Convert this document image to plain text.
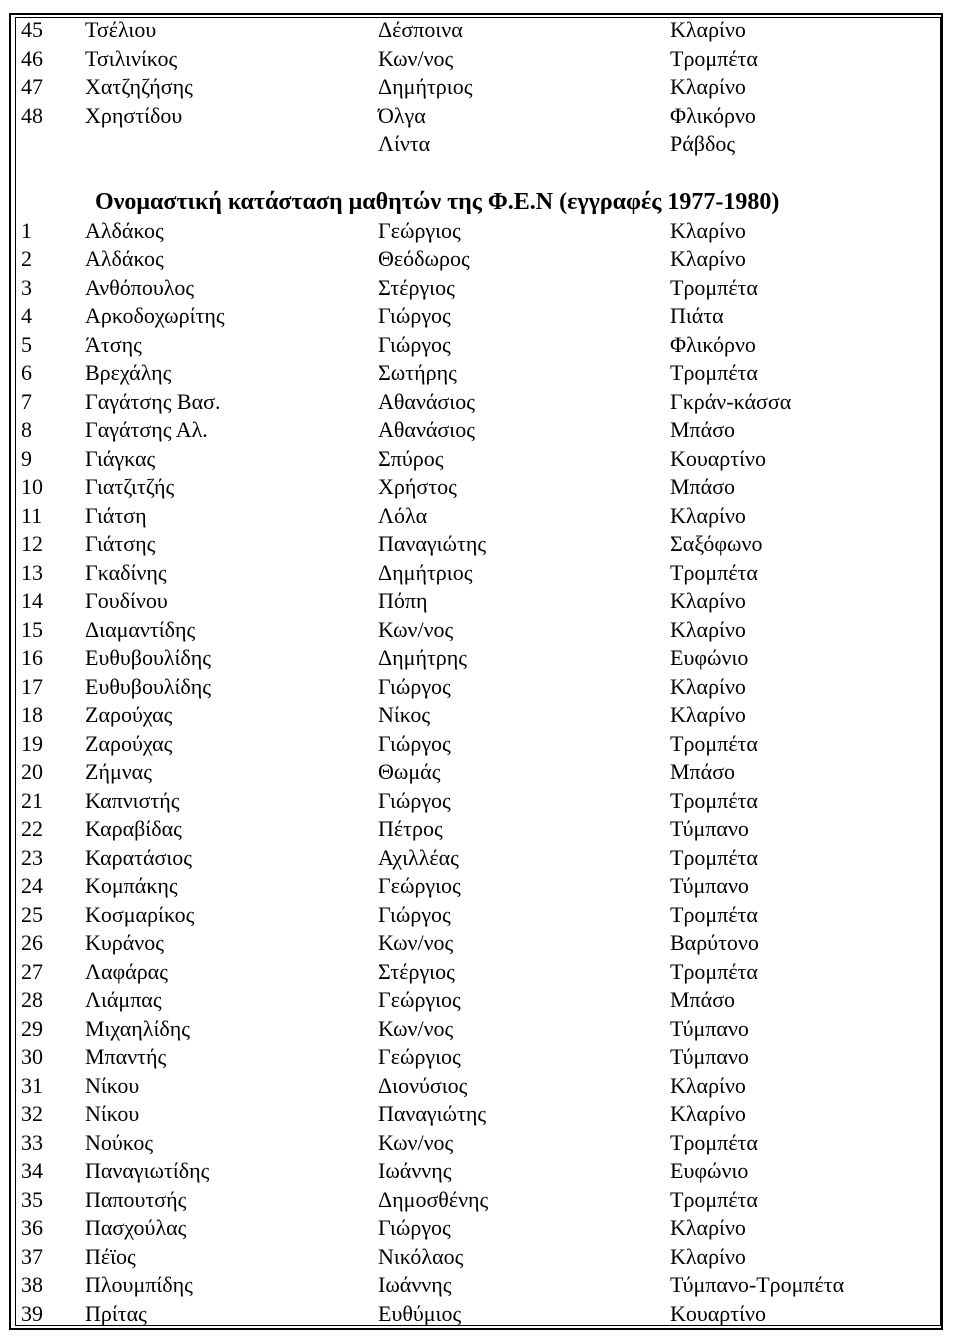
45 Τσέλιου	Δέσποινα	Κλαρίνο
46 Τσιλινίκος	Κων/νος	Τρομπέτα
47 Χατζηζήσης	Δημήτριος	Κλαρίνο
48 Χρηστίδου	Όλγα	Φλικόρνο
Λίντα	Ράβδος
Ονομαστική κατάσταση μαθητών της Φ.Ε.Ν (εγγραφές 1977-1980)
1 Αλδάκος	Γεώργιος	Κλαρίνο
2 Αλδάκος	Θεόδωρος	Κλαρίνο
3 Ανθόπουλος	Στέργιος	Τρομπέτα
4 Αρκοδοχωρίτης	Γιώργος	Πιάτα
5 Άτσης	Γιώργος	Φλικόρνο
6 Βρεχάλης	Σωτήρης	Τρομπέτα
7 Γαγάτσης Βασ.	Αθανάσιος	Γκράν-κάσσα
8 Γαγάτσης Αλ.	Αθανάσιος	Μπάσο
9 Γιάγκας	Σπύρος	Κουαρτίνο
10 Γιατζιτζής	Χρήστος	Μπάσο
11 Γιάτση	Λόλα	Κλαρίνο
12 Γιάτσης	Παναγιώτης	Σαξόφωνο
13 Γκαδίνης	Δημήτριος	Τρομπέτα
14 Γουδίνου	Πόπη	Κλαρίνο
15 Διαμαντίδης	Κων/νος	Κλαρίνο
16 Ευθυβουλίδης	Δημήτρης	Ευφώνιο
17 Ευθυβουλίδης	Γιώργος	Κλαρίνο
18 Ζαρούχας	Νίκος	Κλαρίνο
19 Ζαρούχας	Γιώργος	Τρομπέτα
20 Ζήμνας	Θωμάς	Μπάσο
21 Καπνιστής	Γιώργος	Τρομπέτα
22 Καραβίδας	Πέτρος	Τύμπανο
23 Καρατάσιος	Αχιλλέας	Τρομπέτα
24 Κομπάκης	Γεώργιος	Τύμπανο
25 Κοσμαρίκος	Γιώργος	Τρομπέτα
26 Κυράνος	Κων/νος	Βαρύτονο
27 Λαφάρας	Στέργιος	Τρομπέτα
28 Λιάμπας	Γεώργιος	Μπάσο
29 Μιχαηλίδης	Κων/νος	Τύμπανο
30 Μπαντής	Γεώργιος	Τύμπανο
31 Νίκου	Διονύσιος	Κλαρίνο
32 Νίκου	Παναγιώτης	Κλαρίνο
33 Νούκος	Κων/νος	Τρομπέτα
34 Παναγιωτίδης	Ιωάννης	Ευφώνιο
35 Παπουτσής	Δημοσθένης	Τρομπέτα
36 Πασχούλας	Γιώργος	Κλαρίνο
37 Πέϊος	Νικόλαος	Κλαρίνο
38 Πλουμπίδης	Ιωάννης	Τύμπανο-Τρομπέτα
39 Πρίτας	Ευθύμιος	Κουαρτίνο
